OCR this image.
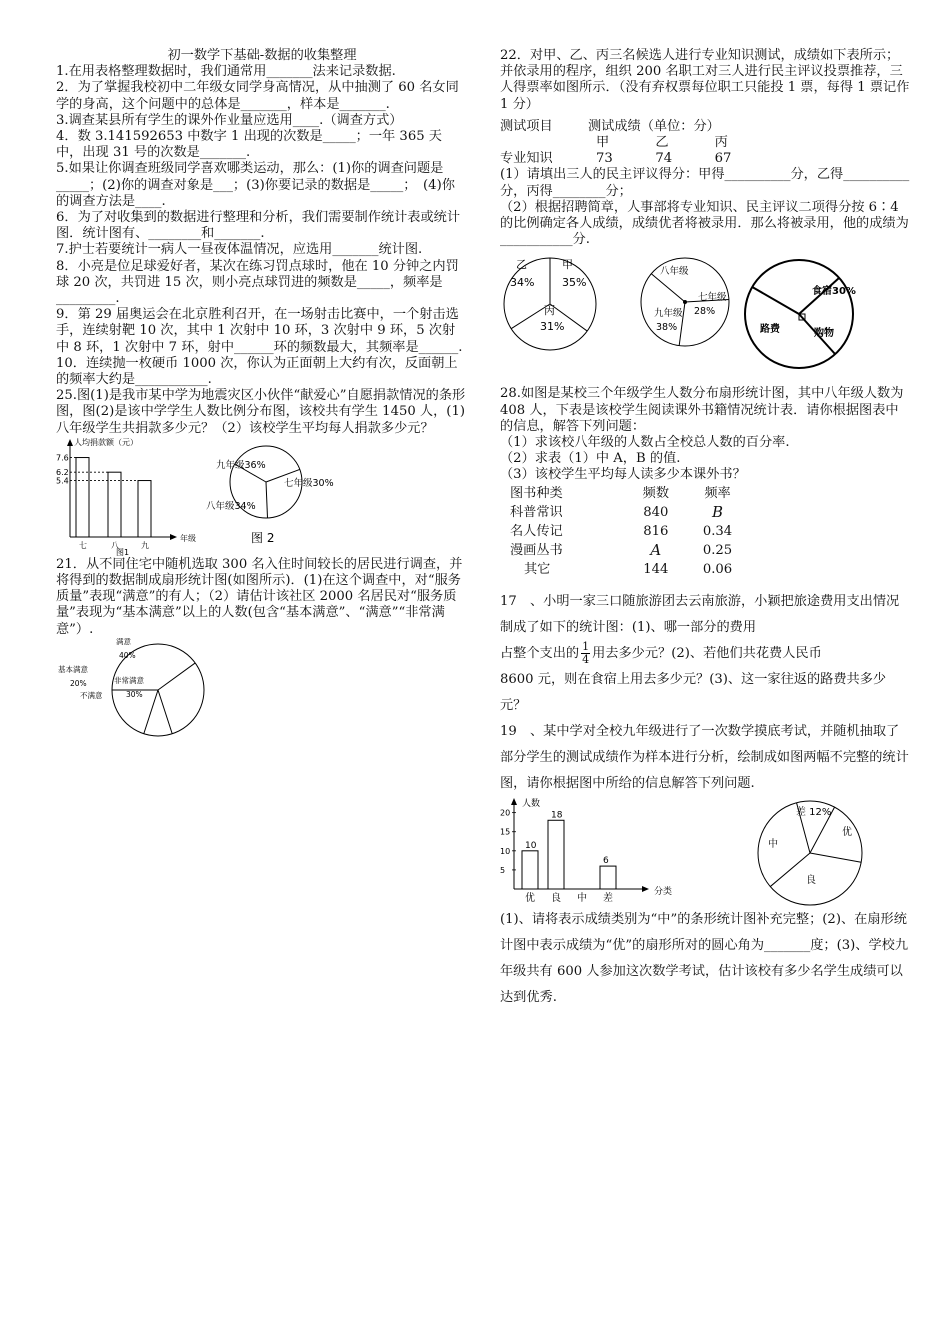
初一数学下基础-数据的收集整理

1.在用表格整理数据时，我们通常用_______法来记录数据.

2．为了掌握我校初中二年级女同学身高情况，从中抽测了 60 名女同学的身高，这个问题中的总体是_______，样本是_______.

3.调查某县所有学生的课外作业量应选用____.（调查方式）

4．数 3.141592653 中数字 1 出现的次数是_____；一年 365 天中，出现 31 号的次数是_______.

5.如果让你调查班级同学喜欢哪类运动，那么：(1)你的调查问题是_____；(2)你的调查对象是___；(3)你要记录的数据是_____；　(4)你的调查方法是____.

6．为了对收集到的数据进行整理和分析，我们需要制作统计表或统计图．统计图有、________和_______.

7.护士若要统计一病人一昼夜体温情况，应选用_______统计图.

8．小亮是位足球爱好者，某次在练习罚点球时，他在 10 分钟之内罚球 20 次，共罚进 15 次，则小亮点球罚进的频数是_____，频率是_________.

9．第 29 届奥运会在北京胜利召开，在一场射击比赛中，一个射击选手，连续射靶 10 次，其中 1 次射中 10 环，3 次射中 9 环，5 次射中 8 环，1 次射中 7 环，射中______环的频数最大，其频率是______.

10．连续抛一枚硬币 1000 次，你认为正面朝上大约有次，反面朝上的频率大约是___________.

25.图(1)是我市某中学为地震灾区小伙伴“献爱心”自愿捐款情况的条形图，图(2)是该中学学生人数比例分布图，该校共有学生 1450 人，(1)八年级学生共捐款多少元？（2）该校学生平均每人捐款多少元？

人均捐款额（元）
年级
7.6
七
6.2
八
5.4
九
图1
九年级36%
七年级30%
八年级34%
图 2

21．从不同住宅中随机选取 300 名入住时间较长的居民进行调查，并将得到的数据制成扇形统计图(如图所示)．(1)在这个调查中，对“服务质量”表现“满意”的有人；（2）请估计该社区 2000 名居民对“服务质量”表现为“基本满意”以上的人数(包含“基本满意”、“满意”“非常满意”）.

满意
40%
非常满意
30%
不满意
基本满意
20%

22．对甲、乙、丙三名候选人进行专业知识测试，成绩如下表所示；并依录用的程序，组织 200 名职工对三人进行民主评议投票推荐，三人得票率如图所示．（没有弃权票每位职工只能投 1 票，每得 1 票记作 1 分）

测试项目	测试成绩（单位：分）		
	甲	乙	丙
专业知识	73	74	67

(1）请填出三人的民主评议得分：甲得__________分，乙得__________分，丙得________分；

（2）根据招聘简章，人事部将专业知识、民主评议二项得分按 6∶4 的比例确定各人成绩，成绩优者将被录用．那么将被录用，他的成绩为___________分.

甲
35%
丙
31%
乙
34%
八年级
七年级
28%
九年级
38%
食宿30%
购物
路费

28.如图是某校三个年级学生人数分布扇形统计图，其中八年级人数为 408 人，下表是该校学生阅读课外书籍情况统计表．请你根据图表中的信息，解答下列问题：

（1）求该校八年级的人数占全校总人数的百分率.

（2）求表（1）中 A，B 的值.

（3）该校学生平均每人读多少本课外书？

图书种类	频数	频率
科普常识	840	B
名人传记	816	0.34
漫画丛书	A	0.25
其它	144	0.06

17　、小明一家三口随旅游团去云南旅游，小颖把旅途费用支出情况制成了如下的统计图：(1)、哪一部分的费用

占整个支出的 $\frac{1}{4}$ 用去多少元？(2)、若他们共花费人民币

8600 元，则在食宿上用去多少元？(3)、这一家往返的路费共多少元？

19　、某中学对全校九年级进行了一次数学摸底考试，并随机抽取了部分学生的测试成绩作为样本进行分析，绘制成如图两幅不完整的统计图，请你根据图中所给的信息解答下列问题.

人数
分类
5
10
15
20
10
优
18
良 中
6
差
差 12%
优
良
中

(1)、请将表示成绩类别为“中”的条形统计图补充完整；(2)、在扇形统计图中表示成绩为“优”的扇形所对的圆心角为_______度；(3)、学校九年级共有 600 人参加这次数学考试，估计该校有多少名学生成绩可以达到优秀.
